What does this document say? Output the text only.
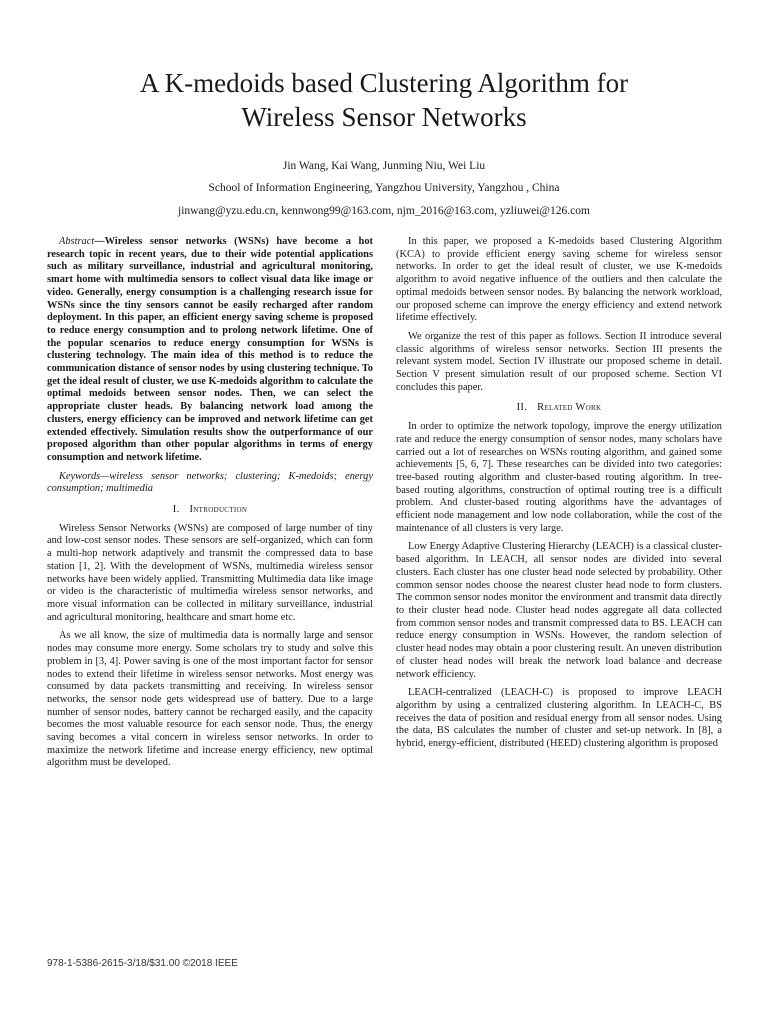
A K-medoids based Clustering Algorithm for
Wireless Sensor Networks
Jin Wang, Kai Wang, Junming Niu, Wei Liu
School of Information Engineering, Yangzhou University, Yangzhou , China
jinwang@yzu.edu.cn, kennwong99@163.com, njm_2016@163.com, yzliuwei@126.com

Abstract—Wireless sensor networks (WSNs) have become a hot research topic in recent years, due to their wide potential applications such as military surveillance, industrial and agricultural monitoring, smart home with multimedia sensors to collect visual data like image or video. Generally, energy consumption is a challenging research issue for WSNs since the tiny sensors cannot be easily recharged after random deployment. In this paper, an efficient energy saving scheme is proposed to reduce energy consumption and to prolong network lifetime. One of the popular scenarios to reduce energy consumption for WSNs is clustering technology. The main idea of this method is to reduce the communication distance of sensor nodes by using clustering technique. To get the ideal result of cluster, we use K-medoids algorithm to calculate the optimal medoids between sensor nodes. Then, we can select the appropriate cluster heads. By balancing network load among the clusters, energy efficiency can be improved and network lifetime can get extended effectively. Simulation results show the outperformance of our proposed algorithm than other popular algorithms in terms of energy consumption and network lifetime.

Keywords—wireless sensor networks; clustering; K-medoids; energy consumption; multimedia

I. Introduction

Wireless Sensor Networks (WSNs) are composed of large number of tiny and low-cost sensor nodes. These sensors are self-organized, which can form a multi-hop network adaptively and transmit the compressed data to base station [1, 2]. With the development of WSNs, multimedia wireless sensor networks have been widely applied. Transmitting Multimedia data like image or video is the characteristic of multimedia wireless sensor networks, and more visual information can be collected in military surveillance, industrial and agricultural monitoring, healthcare and smart home etc.

As we all know, the size of multimedia data is normally large and sensor nodes may consume more energy. Some scholars try to study and solve this problem in [3, 4]. Power saving is one of the most important factor for sensor nodes to extend their lifetime in wireless sensor networks. Most energy was consumed by data packets transmitting and receiving. In wireless sensor networks, the sensor node gets widespread use of battery. Due to a large number of sensor nodes, battery cannot be recharged easily, and the capacity becomes the most valuable resource for each sensor node. Thus, the energy saving becomes a vital concern in wireless sensor networks. In order to maximize the network lifetime and increase energy efficiency, new optimal algorithm must be developed.

In this paper, we proposed a K-medoids based Clustering Algorithm (KCA) to provide efficient energy saving scheme for wireless sensor networks. In order to get the ideal result of cluster, we use K-medoids algorithm to avoid negative influence of the outliers and then calculate the optimal medoids between sensor nodes. By balancing the network workload, our proposed scheme can improve the energy efficiency and extend network lifetime effectively.

We organize the rest of this paper as follows. Section II introduce several classic algorithms of wireless sensor networks. Section III presents the relevant system model. Section IV illustrate our proposed scheme in detail. Section V present simulation result of our proposed scheme. Section VI concludes this paper.

II. Related Work

In order to optimize the network topology, improve the energy utilization rate and reduce the energy consumption of sensor nodes, many scholars have carried out a lot of researches on WSNs routing algorithm, and gained some achievements [5, 6, 7]. These researches can be divided into two categories: tree-based routing algorithm and cluster-based routing algorithm. In tree-based routing algorithms, construction of optimal routing tree is a difficult problem. And cluster-based routing algorithms have the advantages of efficient node management and low node collaboration, while the cost of the maintenance of all clusters is very large.

Low Energy Adaptive Clustering Hierarchy (LEACH) is a classical cluster-based algorithm. In LEACH, all sensor nodes are divided into several clusters. Each cluster has one cluster head node selected by probability. Other common sensor nodes choose the nearest cluster head node to form clusters. The common sensor nodes monitor the environment and transmit data directly to their cluster head node. Cluster head nodes aggregate all data collected from common sensor nodes and transmit compressed data to BS. LEACH can reduce energy consumption in WSNs. However, the random selection of cluster head nodes may obtain a poor clustering result. An uneven distribution of cluster head nodes will break the network load balance and decrease network efficiency.

LEACH-centralized (LEACH-C) is proposed to improve LEACH algorithm by using a centralized clustering algorithm. In LEACH-C, BS receives the data of position and residual energy from all sensor nodes. Using the data, BS calculates the number of cluster and set-up network. In [8], a hybrid, energy-efficient, distributed (HEED) clustering algorithm is proposed

978-1-5386-2615-3/18/$31.00 ©2018 IEEE
